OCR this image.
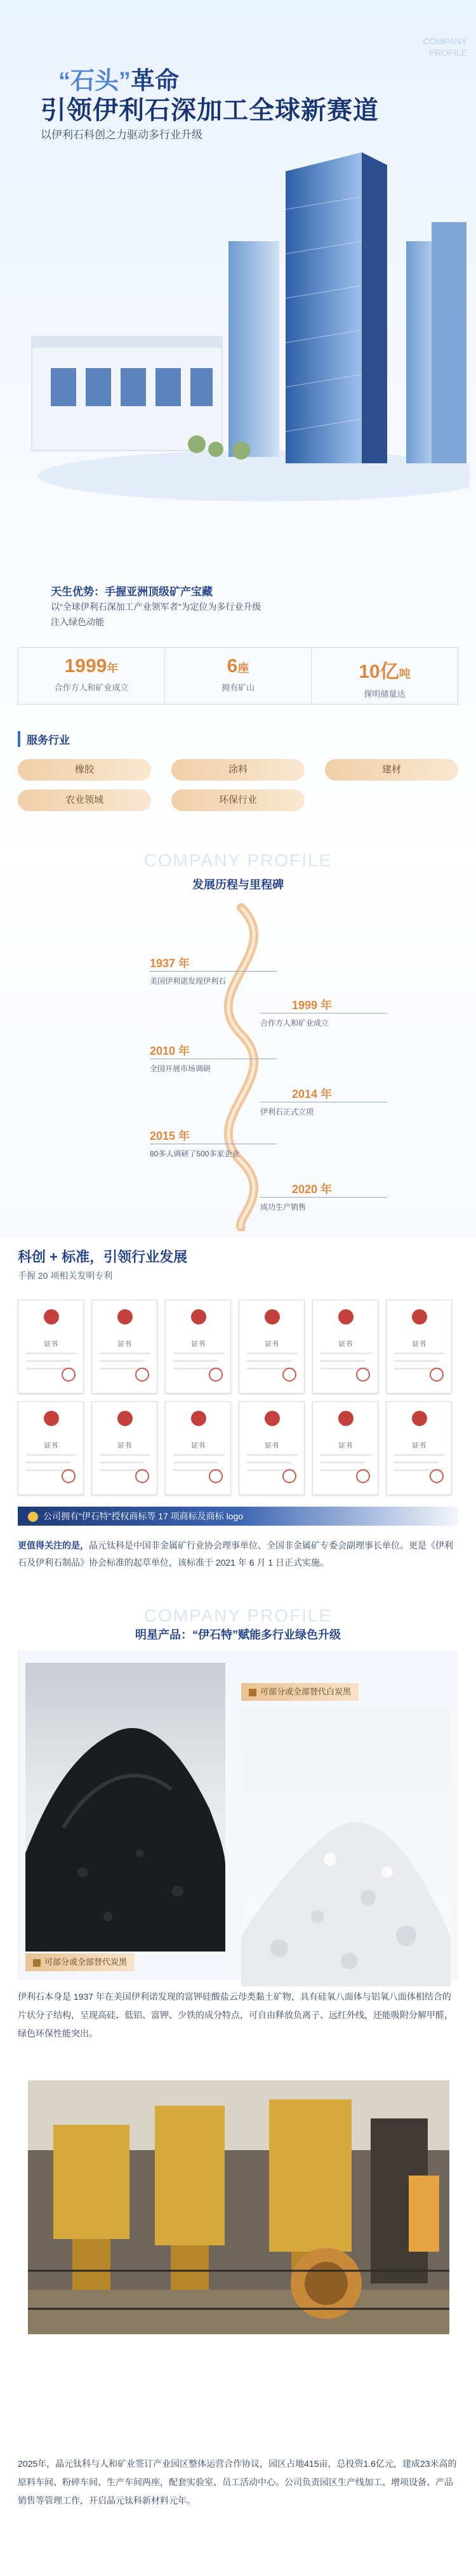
COMPANY
PROFILE
“石头”革命
引领伊利石深加工全球新赛道
以伊利石科创之力驱动多行业升级
天生优势：手握亚洲顶级矿产宝藏
以“全球伊利石深加工产业领军者”为定位为多行业升级注入绿色动能
1999年
合作方人和矿业成立
6座
拥有矿山
10亿吨
探明储量达
服务行业
橡胶	涂料	建材
农业领域	环保行业
COMPANY PROFILE
发展历程与里程碑
1937 年
美国伊利诺发现伊利石
1999 年
合作方人和矿业成立
2010 年
全国开展市场调研
2014 年
伊利石正式立项
2015 年
80多人调研了500多家企业
2020 年
成功生产销售
科创 + 标准，引领行业发展
手握 20 项相关发明专利
证书	证书	证书	证书	证书	证书
证书	证书	证书	证书	证书	证书
公司拥有“伊石特”授权商标等 17 项商标及商标 logo
更值得关注的是，晶元钛科是中国非金属矿行业协会理事单位、全国非金属矿专委会副理事长单位。更是《伊利石及伊利石制品》协会标准的起草单位，该标准于 2021 年 6 月 1 日正式实施。
COMPANY PROFILE
明星产品：“伊石特”赋能多行业绿色升级
可部分或全部替代炭黑
可部分或全部替代白炭黑
伊利石本身是 1937 年在美国伊利诺发现的富钾硅酸盐云母类黏土矿物，具有硅氧八面体与铝氧八面体相结合的片状分子结构，呈现高硅、低铝、富钾、少铁的成分特点，可自由释放负离子、远红外线，还能吸附分解甲醛，绿色环保性能突出。
2025年，晶元钛科与人和矿业签订产业园区整体运营合作协议，园区占地415亩，总投资1.6亿元，建成23米高的原料车间、粉碎车间、生产车间两座，配套实验室、员工活动中心。公司负责园区生产线加工、增项设备、产品销售等管理工作，开启晶元钛科新材料元年。
